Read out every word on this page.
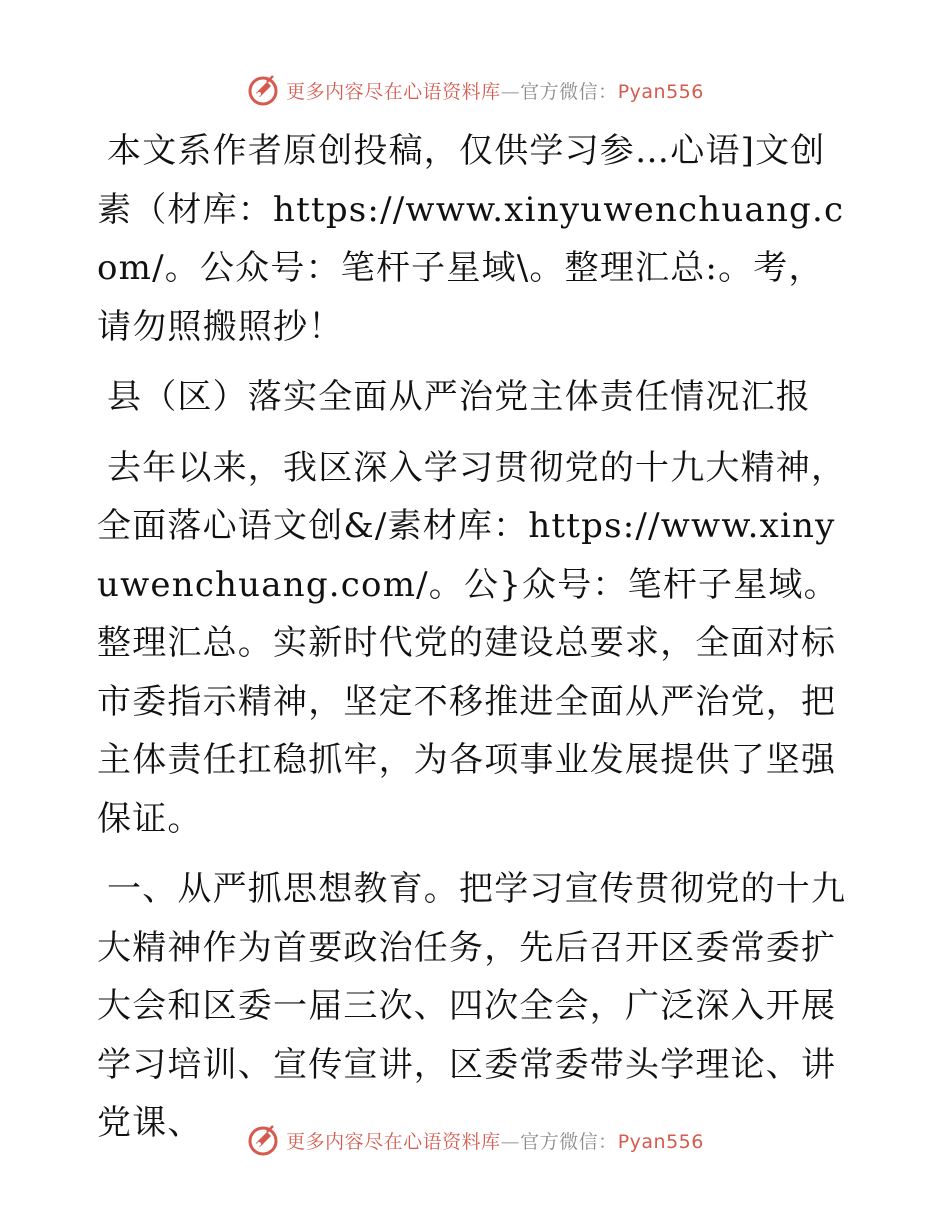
更多内容尽在心语资料库—官方微信：Pyan556

本文系作者原创投稿，仅供学习参…心语]文创素（材库：https://www.xinyuwenchuang.com/。公众号：笔杆子星域\。整理汇总:。考，请勿照搬照抄！

县（区）落实全面从严治党主体责任情况汇报

去年以来，我区深入学习贯彻党的十九大精神，
全面落心语文创&/素材库：https://www.xinyuwenchuang.com/。公}众号：笔杆子星域。整理汇总。实新时代党的建设总要求，全面对标市委指示精神，坚定不移推进全面从严治党，把主体责任扛稳抓牢，为各项事业发展提供了坚强保证。

一、从严抓思想教育。把学习宣传贯彻党的十九大精神作为首要政治任务，先后召开区委常委扩大会和区委一届三次、四次全会，广泛深入开展学习培训、宣传宣讲，区委常委带头学理论、讲党课、	更多内容尽在心语资料库—官方微信：Pyan556
